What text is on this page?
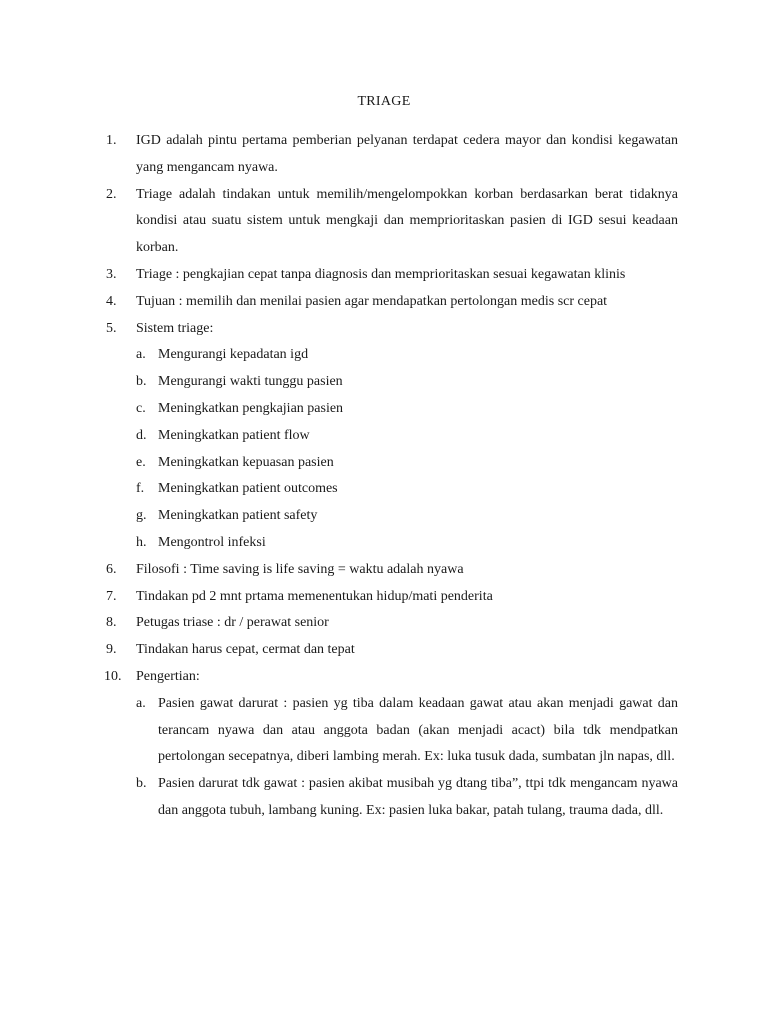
TRIAGE
1.	IGD adalah pintu pertama pemberian pelyanan terdapat cedera mayor dan kondisi kegawatan yang mengancam nyawa.
2.	Triage adalah tindakan untuk memilih/mengelompokkan korban berdasarkan berat tidaknya kondisi atau suatu sistem untuk mengkaji dan memprioritaskan pasien di IGD sesui keadaan korban.
3.	Triage : pengkajian cepat tanpa diagnosis dan memprioritaskan sesuai kegawatan klinis
4.	Tujuan : memilih dan menilai pasien agar mendapatkan pertolongan medis scr cepat
5.	Sistem triage:
a. Mengurangi kepadatan igd
b. Mengurangi wakti tunggu pasien
c. Meningkatkan pengkajian pasien
d. Meningkatkan patient flow
e. Meningkatkan kepuasan pasien
f. Meningkatkan patient outcomes
g. Meningkatkan patient safety
h. Mengontrol infeksi
6.	Filosofi : Time saving is life saving = waktu adalah nyawa
7.	Tindakan pd 2 mnt prtama memenentukan hidup/mati penderita
8.	Petugas triase : dr / perawat senior
9.	Tindakan harus cepat, cermat dan tepat
10.	Pengertian:
a. Pasien gawat darurat : pasien yg tiba dalam keadaan gawat atau akan menjadi gawat dan terancam nyawa dan atau anggota badan (akan menjadi acact) bila tdk mendpatkan pertolongan secepatnya, diberi lambing merah. Ex: luka tusuk dada, sumbatan jln napas, dll.
b. Pasien darurat tdk gawat : pasien akibat musibah yg dtang tiba”, ttpi tdk mengancam nyawa dan anggota tubuh, lambang kuning. Ex: pasien luka bakar, patah tulang, trauma dada, dll.
